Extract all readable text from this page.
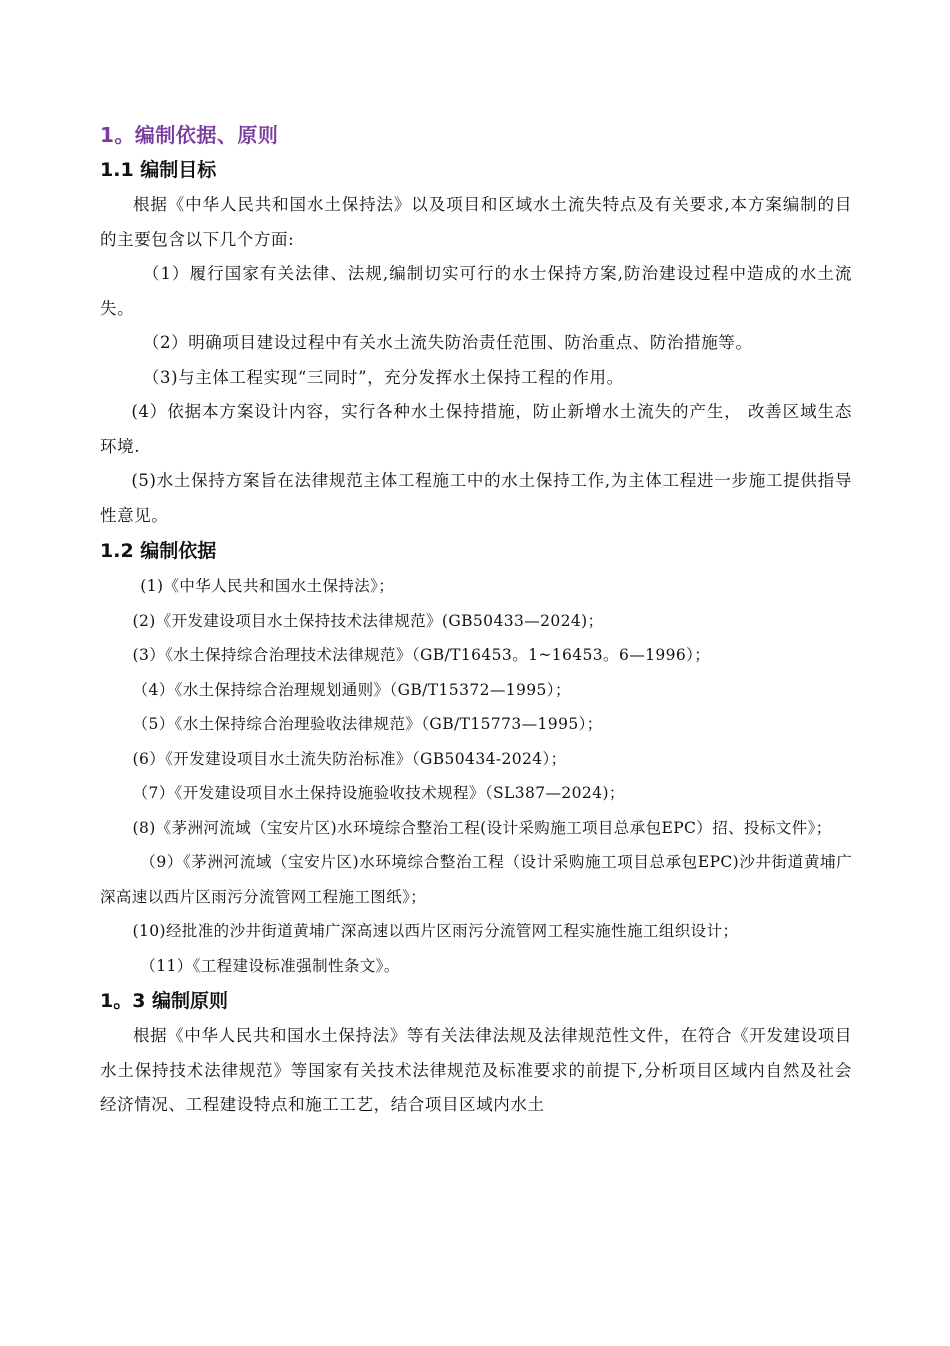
1。编制依据、原则
1.1 编制目标

根据《中华人民共和国水土保持法》以及项目和区域水土流失特点及有关要求,本方案编制的目的主要包含以下几个方面:

（1）履行国家有关法律、法规,编制切实可行的水士保持方案,防治建设过程中造成的水土流失。

（2）明确项目建设过程中有关水土流失防治责任范围、防治重点、防治措施等。

（3)与主体工程实现“三同时”，充分发挥水土保持工程的作用。

(4）依据本方案设计内容，实行各种水土保持措施，防止新增水土流失的产生， 改善区域生态环境.

(5)水土保持方案旨在法律规范主体工程施工中的水土保持工作,为主体工程进一步施工提供指导性意见。

1.2 编制依据

(1)《中华人民共和国水土保持法》；

(2)《开发建设项目水土保持技术法律规范》(GB50433—2024)；

(3）《水土保持综合治理技术法律规范》（GB/T16453。1~16453。6—1996）；

（4）《水土保持综合治理规划通则》（GB/T15372—1995）；

（5）《水土保持综合治理验收法律规范》（GB/T15773—1995）；

(6）《开发建设项目水土流失防治标准》（GB50434-2024）；

（7）《开发建设项目水土保持设施验收技术规程》（SL387—2024)；

(8)《茅洲河流域（宝安片区)水环境综合整治工程(设计采购施工项目总承包EPC）招、投标文件》；

（9）《茅洲河流域（宝安片区)水环境综合整治工程（设计采购施工项目总承包EPC)沙井街道黄埔广深高速以西片区雨污分流管网工程施工图纸》；

(10)经批准的沙井街道黄埔广深高速以西片区雨污分流管网工程实施性施工组织设计；

（11）《工程建设标准强制性条文》。

1。3 编制原则

根据《中华人民共和国水土保持法》等有关法律法规及法律规范性文件，在符合《开发建设项目水土保持技术法律规范》等国家有关技术法律规范及标准要求的前提下,分析项目区域内自然及社会经济情况、工程建设特点和施工工艺，结合项目区域内水土
